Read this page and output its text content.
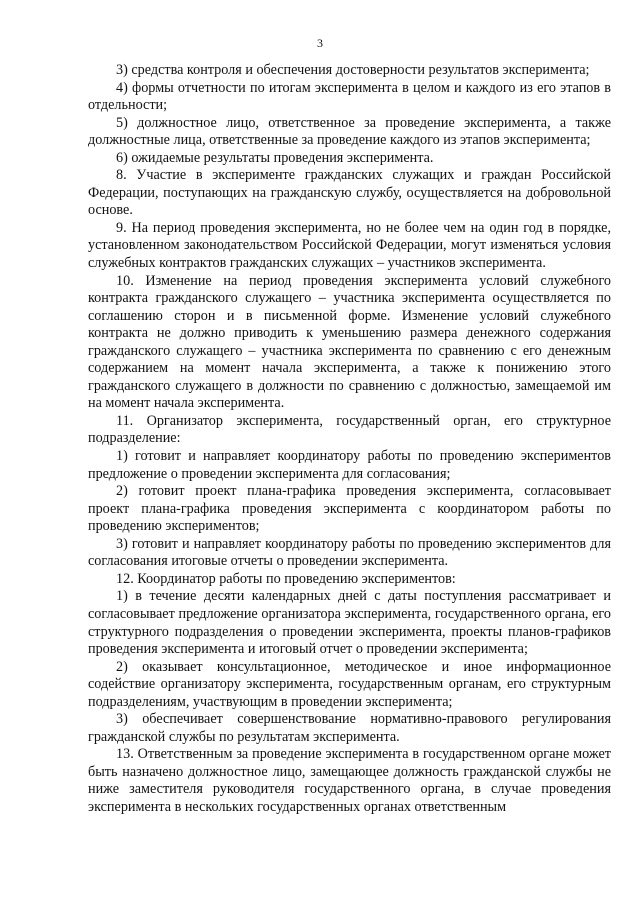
3

3) средства контроля и обеспечения достоверности результатов эксперимента;

4) формы отчетности по итогам эксперимента в целом и каждого из его этапов в отдельности;

5) должностное лицо, ответственное за проведение эксперимента, а также должностные лица, ответственные за проведение каждого из этапов эксперимента;

6) ожидаемые результаты проведения эксперимента.

8. Участие в эксперименте гражданских служащих и граждан Российской Федерации, поступающих на гражданскую службу, осуществляется на добровольной основе.

9. На период проведения эксперимента, но не более чем на один год в порядке, установленном законодательством Российской Федерации, могут изменяться условия служебных контрактов гражданских служащих – участников эксперимента.

10. Изменение на период проведения эксперимента условий служебного контракта гражданского служащего – участника эксперимента осуществляется по соглашению сторон и в письменной форме. Изменение условий служебного контракта не должно приводить к уменьшению размера денежного содержания гражданского служащего – участника эксперимента по сравнению с его денежным содержанием на момент начала эксперимента, а также к понижению этого гражданского служащего в должности по сравнению с должностью, замещаемой им на момент начала эксперимента.

11. Организатор эксперимента, государственный орган, его структурное подразделение:

1) готовит и направляет координатору работы по проведению экспериментов предложение о проведении эксперимента для согласования;

2) готовит проект плана-графика проведения эксперимента, согласовывает проект плана-графика проведения эксперимента с координатором работы по проведению экспериментов;

3) готовит и направляет координатору работы по проведению экспериментов для согласования итоговые отчеты о проведении эксперимента.

12. Координатор работы по проведению экспериментов:

1) в течение десяти календарных дней с даты поступления рассматривает и согласовывает предложение организатора эксперимента, государственного органа, его структурного подразделения о проведении эксперимента, проекты планов-графиков проведения эксперимента и итоговый отчет о проведении эксперимента;

2) оказывает консультационное, методическое и иное информационное содействие организатору эксперимента, государственным органам, его структурным подразделениям, участвующим в проведении эксперимента;

3) обеспечивает совершенствование нормативно-правового регулирования гражданской службы по результатам эксперимента.

13. Ответственным за проведение эксперимента в государственном органе может быть назначено должностное лицо, замещающее должность гражданской службы не ниже заместителя руководителя государственного органа, в случае проведения эксперимента в нескольких государственных органах ответственным
